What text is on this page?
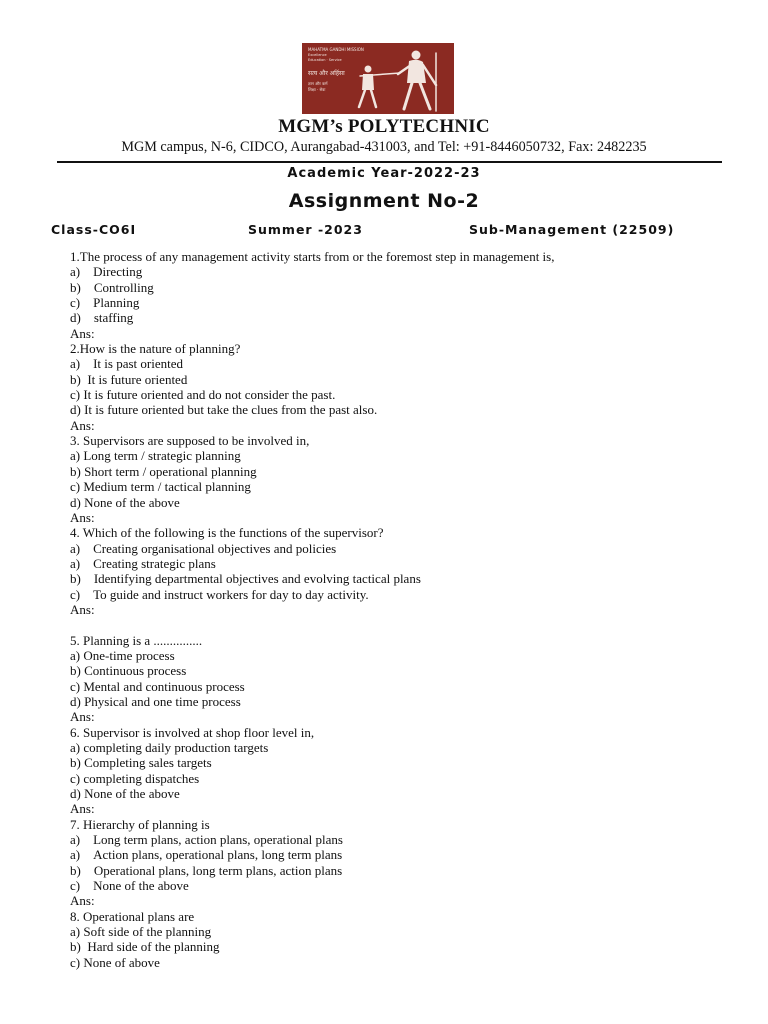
MAHATMA GANDHI MISSION
Excellence
Education · Service
सत्य और अहिंसा
ज्ञान और कर्म
शिक्षा · सेवा
MGM’s POLYTECHNIC
MGM campus, N-6, CIDCO, Aurangabad-431003, and Tel: +91-8446050732, Fax: 2482235
Academic Year-2022-23
Assignment No-2
Class-CO6I	Summer -2023	Sub-Management (22509)
1.The process of any management activity starts from or the foremost step in management is,
a) Directing
b) Controlling
c) Planning
d) staffing
Ans:
2.How is the nature of planning?
a) It is past oriented
b)  It is future oriented
c) It is future oriented and do not consider the past.
d) It is future oriented but take the clues from the past also.
Ans:
3. Supervisors are supposed to be involved in,
a) Long term / strategic planning
b) Short term / operational planning
c) Medium term / tactical planning
d) None of the above
Ans:
4. Which of the following is the functions of the supervisor?
a) Creating organisational objectives and policies
a) Creating strategic plans
b) Identifying departmental objectives and evolving tactical plans
c) To guide and instruct workers for day to day activity.
Ans:
5. Planning is a ...............
a) One-time process
b) Continuous process
c) Mental and continuous process
d) Physical and one time process
Ans:
6. Supervisor is involved at shop floor level in,
a) completing daily production targets
b) Completing sales targets
c) completing dispatches
d) None of the above
Ans:
7. Hierarchy of planning is
a) Long term plans, action plans, operational plans
a) Action plans, operational plans, long term plans
b) Operational plans, long term plans, action plans
c) None of the above
Ans:
8. Operational plans are
a) Soft side of the planning
b)  Hard side of the planning
c) None of above
